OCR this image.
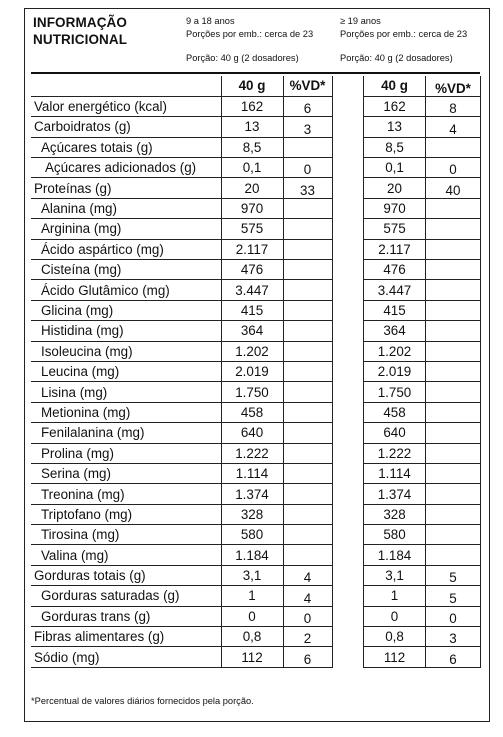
INFORMAÇÃO
NUTRICIONAL
9 a 18 anos
Porções por emb.: cerca de 23
Porção: 40 g (2 dosadores)
≥ 19 anos
Porções por emb.: cerca de 23
Porção: 40 g (2 dosadores)
	40 g	%VD*
Valor energético (kcal)	162	6
Carboidratos (g)	13	3
Açúcares totais (g)	8,5	
Açúcares adicionados (g)	0,1	0
Proteínas (g)	20	33
Alanina (mg)	970	
Arginina (mg)	575	
Ácido aspártico (mg)	2.117	
Cisteína (mg)	476	
Ácido Glutâmico (mg)	3.447	
Glicina (mg)	415	
Histidina (mg)	364	
Isoleucina (mg)	1.202	
Leucina (mg)	2.019	
Lisina (mg)	1.750	
Metionina (mg)	458	
Fenilalanina (mg)	640	
Prolina (mg)	1.222	
Serina (mg)	1.114	
Treonina (mg)	1.374	
Triptofano (mg)	328	
Tirosina (mg)	580	
Valina (mg)	1.184	
Gorduras totais (g)	3,1	4
Gorduras saturadas (g)	1	4
Gorduras trans (g)	0	0
Fibras alimentares (g)	0,8	2
Sódio (mg)	112	6
40 g	%VD*
162	8
13	4
8,5	
0,1	0
20	40
970	
575	
2.117	
476	
3.447	
415	
364	
1.202	
2.019	
1.750	
458	
640	
1.222	
1.114	
1.374	
328	
580	
1.184	
3,1	5
1	5
0	0
0,8	3
112	6
*Percentual de valores diários fornecidos pela porção.
